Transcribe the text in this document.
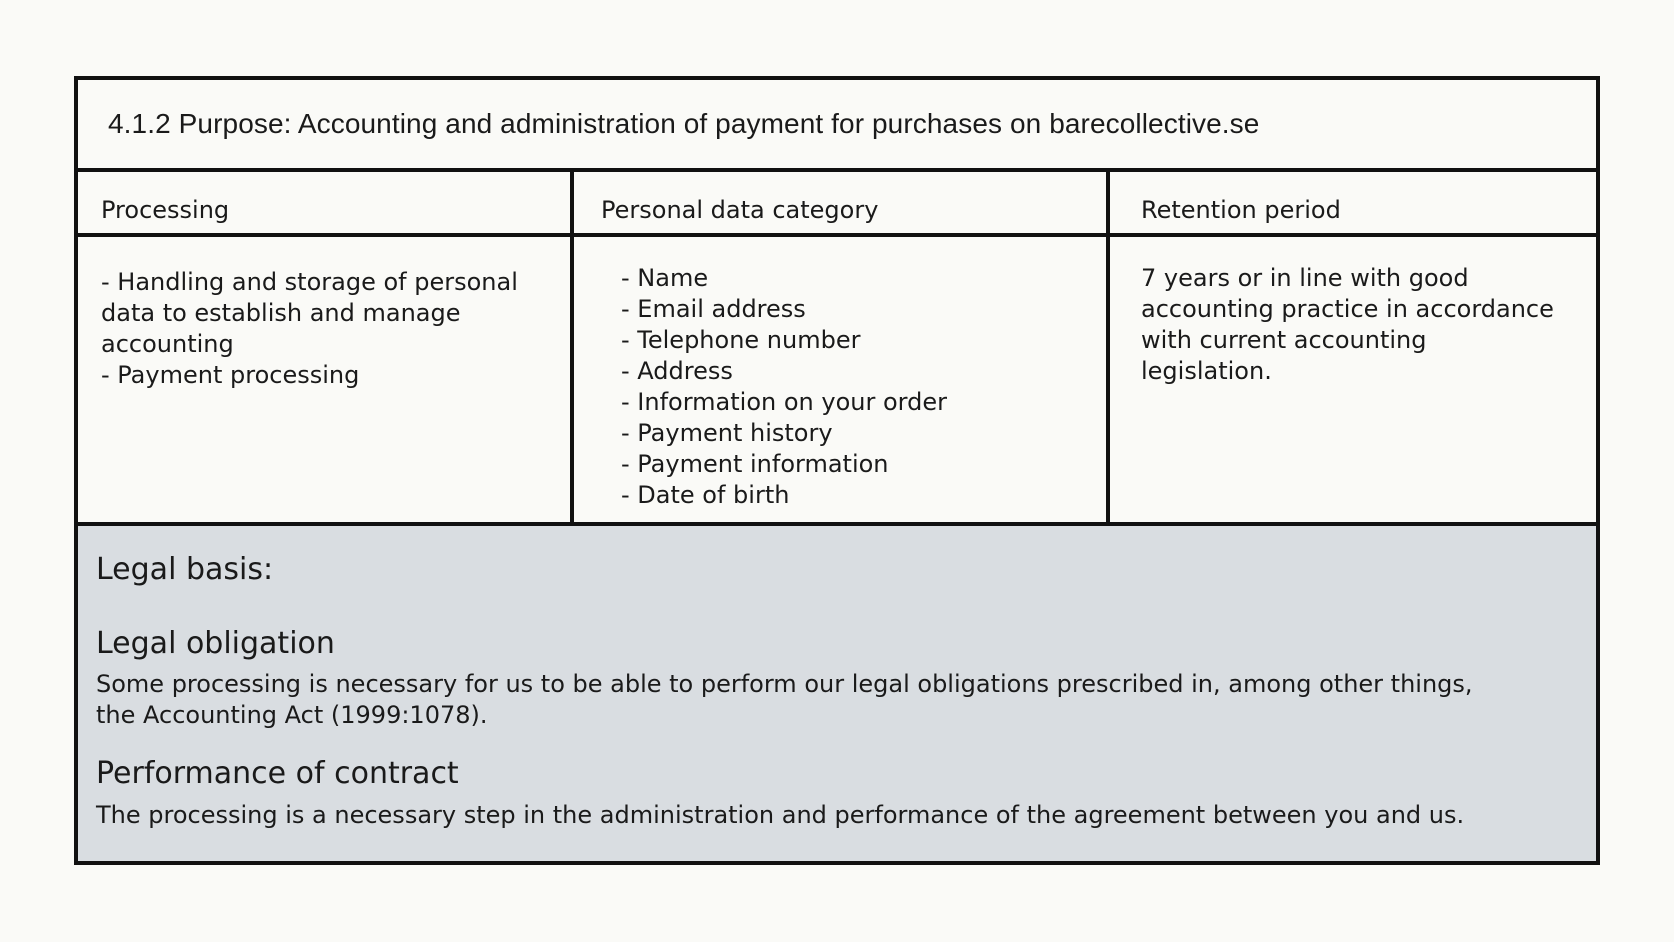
4.1.2 Purpose: Accounting and administration of payment for purchases on barecollective.se
Processing	Personal data category	Retention period
- Handling and storage of personal
data to establish and manage
accounting
- Payment processing
- Name
- Email address
- Telephone number
- Address
- Information on your order
- Payment history
- Payment information
- Date of birth
7 years or in line with good
accounting practice in accordance
with current accounting
legislation.
Legal basis:
Legal obligation
Some processing is necessary for us to be able to perform our legal obligations prescribed in, among other things,
the Accounting Act (1999:1078).
Performance of contract
The processing is a necessary step in the administration and performance of the agreement between you and us.
